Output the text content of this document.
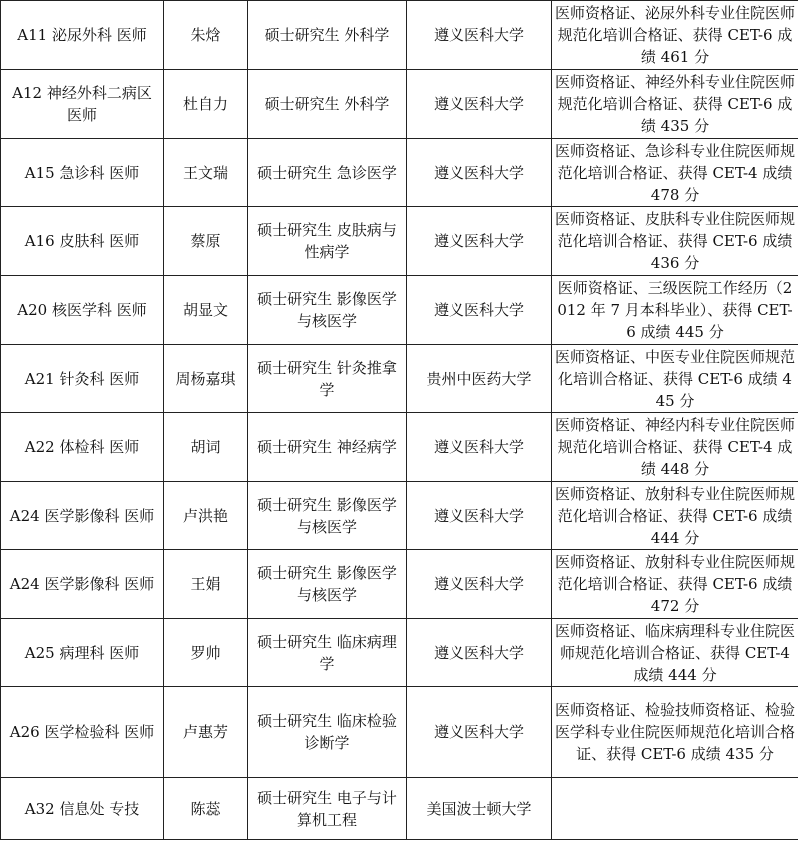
A11 泌尿外科 医师	朱焓	硕士研究生 外科学	遵义医科大学	医师资格证、泌尿外科专业住院医师规范化培训合格证、获得 CET-6 成绩 461 分
A12 神经外科二病区 医师	杜自力	硕士研究生 外科学	遵义医科大学	医师资格证、神经外科专业住院医师规范化培训合格证、获得 CET-6 成绩 435 分
A15 急诊科 医师	王文瑞	硕士研究生 急诊医学	遵义医科大学	医师资格证、急诊科专业住院医师规范化培训合格证、获得 CET-4 成绩 478 分
A16 皮肤科 医师	蔡原	硕士研究生 皮肤病与性病学	遵义医科大学	医师资格证、皮肤科专业住院医师规范化培训合格证、获得 CET-6 成绩 436 分
A20 核医学科 医师	胡显文	硕士研究生 影像医学与核医学	遵义医科大学	医师资格证、三级医院工作经历（2012 年 7 月本科毕业）、获得 CET-6 成绩 445 分
A21 针灸科 医师	周杨嘉琪	硕士研究生 针灸推拿学	贵州中医药大学	医师资格证、中医专业住院医师规范化培训合格证、获得 CET-6 成绩 445 分
A22 体检科 医师	胡词	硕士研究生 神经病学	遵义医科大学	医师资格证、神经内科专业住院医师规范化培训合格证、获得 CET-4 成绩 448 分
A24 医学影像科 医师	卢洪艳	硕士研究生 影像医学与核医学	遵义医科大学	医师资格证、放射科专业住院医师规范化培训合格证、获得 CET-6 成绩 444 分
A24 医学影像科 医师	王娟	硕士研究生 影像医学与核医学	遵义医科大学	医师资格证、放射科专业住院医师规范化培训合格证、获得 CET-6 成绩 472 分
A25 病理科 医师	罗帅	硕士研究生 临床病理学	遵义医科大学	医师资格证、临床病理科专业住院医师规范化培训合格证、获得 CET-4 成绩 444 分
A26 医学检验科 医师	卢惠芳	硕士研究生 临床检验诊断学	遵义医科大学	医师资格证、检验技师资格证、检验医学科专业住院医师规范化培训合格证、获得 CET-6 成绩 435 分
A32 信息处 专技	陈蕊	硕士研究生 电子与计算机工程	美国波士顿大学	
